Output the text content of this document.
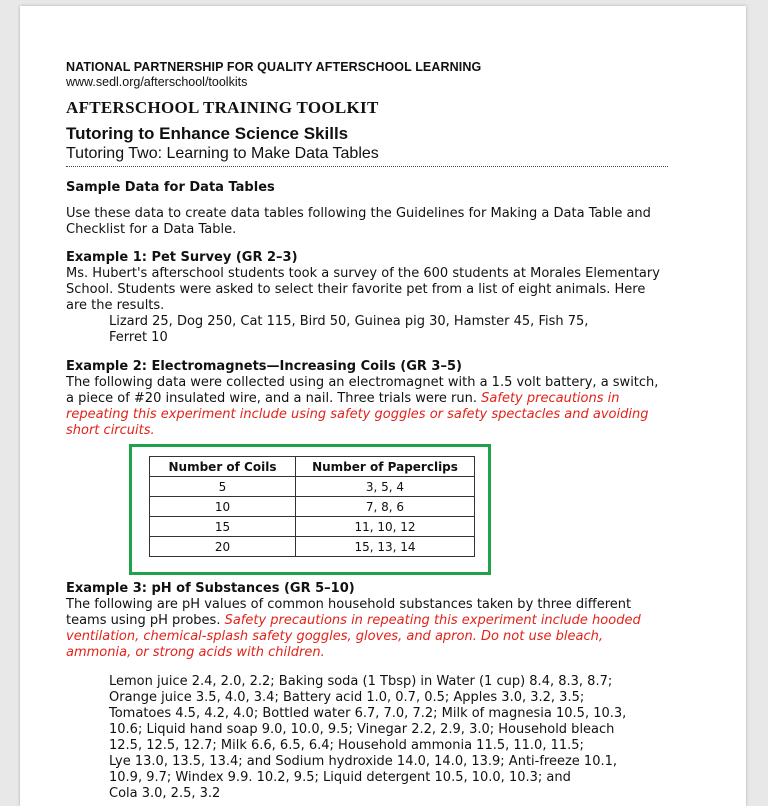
NATIONAL PARTNERSHIP FOR QUALITY AFTERSCHOOL LEARNING
www.sedl.org/afterschool/toolkits
AFTERSCHOOL TRAINING TOOLKIT
Tutoring to Enhance Science Skills
Tutoring Two: Learning to Make Data Tables
Sample Data for Data Tables
Use these data to create data tables following the Guidelines for Making a Data Table and
Checklist for a Data Table.
Example 1: Pet Survey (GR 2–3)
Ms. Hubert's afterschool students took a survey of the 600 students at Morales Elementary
School. Students were asked to select their favorite pet from a list of eight animals. Here
are the results.
Lizard 25, Dog 250, Cat 115, Bird 50, Guinea pig 30, Hamster 45, Fish 75,
Ferret 10
Example 2: Electromagnets—Increasing Coils (GR 3–5)
The following data were collected using an electromagnet with a 1.5 volt battery, a switch,
a piece of #20 insulated wire, and a nail. Three trials were run. Safety precautions in
repeating this experiment include using safety goggles or safety spectacles and avoiding
short circuits.
Number of Coils	Number of Paperclips
5	3, 5, 4
10	7, 8, 6
15	11, 10, 12
20	15, 13, 14
Example 3: pH of Substances (GR 5–10)
The following are pH values of common household substances taken by three different
teams using pH probes. Safety precautions in repeating this experiment include hooded
ventilation, chemical-splash safety goggles, gloves, and apron. Do not use bleach,
ammonia, or strong acids with children.
Lemon juice 2.4, 2.0, 2.2; Baking soda (1 Tbsp) in Water (1 cup) 8.4, 8.3, 8.7;
Orange juice 3.5, 4.0, 3.4; Battery acid 1.0, 0.7, 0.5; Apples 3.0, 3.2, 3.5;
Tomatoes 4.5, 4.2, 4.0; Bottled water 6.7, 7.0, 7.2; Milk of magnesia 10.5, 10.3,
10.6; Liquid hand soap 9.0, 10.0, 9.5; Vinegar 2.2, 2.9, 3.0; Household bleach
12.5, 12.5, 12.7; Milk 6.6, 6.5, 6.4; Household ammonia 11.5, 11.0, 11.5;
Lye 13.0, 13.5, 13.4; and Sodium hydroxide 14.0, 14.0, 13.9; Anti-freeze 10.1,
10.9, 9.7; Windex 9.9. 10.2, 9.5; Liquid detergent 10.5, 10.0, 10.3; and
Cola 3.0, 2.5, 3.2
